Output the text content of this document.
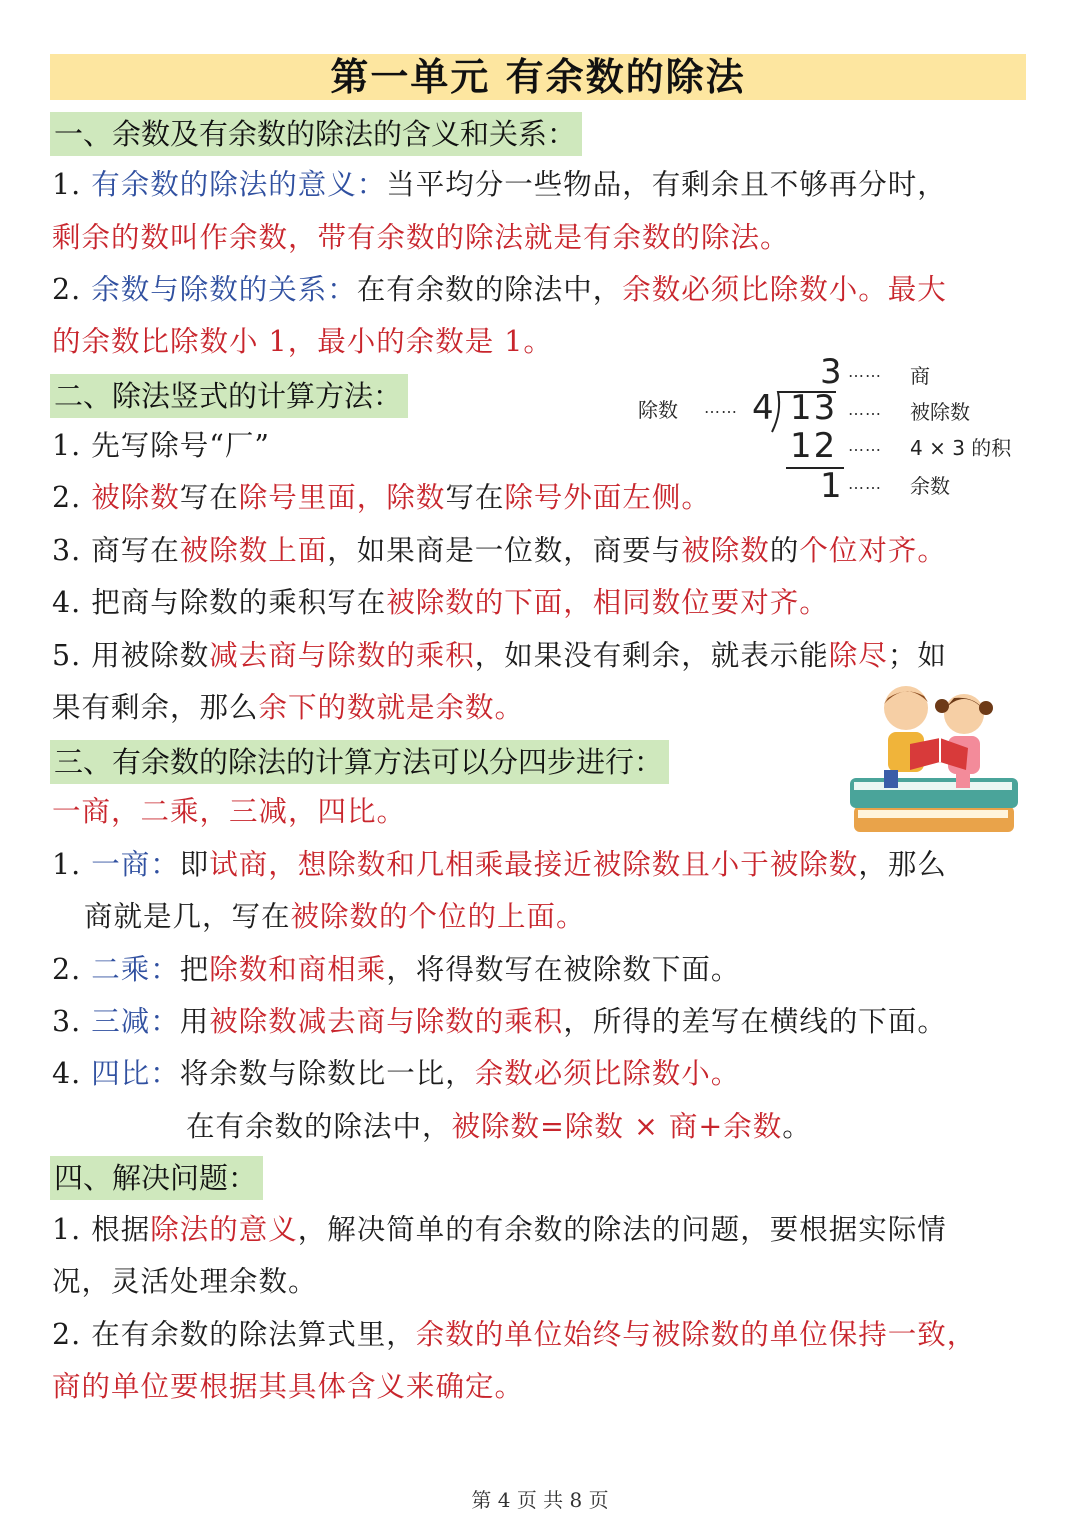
第一单元 有余数的除法
一、余数及有余数的除法的含义和关系：
1. 有余数的除法的意义：当平均分一些物品，有剩余且不够再分时，
剩余的数叫作余数，带有余数的除法就是有余数的除法。
2. 余数与除数的关系：在有余数的除法中，余数必须比除数小。最大
的余数比除数小 1，最小的余数是 1。
二、除法竖式的计算方法：
1. 先写除号“厂”
2. 被除数写在除号里面，除数写在除号外面左侧。
3. 商写在被除数上面，如果商是一位数，商要与被除数的个位对齐。
4. 把商与除数的乘积写在被除数的下面，相同数位要对齐。
5. 用被除数减去商与除数的乘积，如果没有剩余，就表示能除尽；如
果有剩余，那么余下的数就是余数。
除数 …… 4
3
13
12
1
……
……
……
……
商
被除数
4 × 3 的积
余数
三、有余数的除法的计算方法可以分四步进行：
一商，二乘，三减，四比。
1. 一商：即试商，想除数和几相乘最接近被除数且小于被除数，那么
商就是几，写在被除数的个位的上面。
2. 二乘：把除数和商相乘，将得数写在被除数下面。
3. 三减：用被除数减去商与除数的乘积，所得的差写在横线的下面。
4. 四比：将余数与除数比一比，余数必须比除数小。
在有余数的除法中，被除数=除数 × 商+余数。
四、解决问题：
1. 根据除法的意义，解决简单的有余数的除法的问题，要根据实际情
况，灵活处理余数。
2. 在有余数的除法算式里，余数的单位始终与被除数的单位保持一致，
商的单位要根据其具体含义来确定。
第 4 页 共 8 页
